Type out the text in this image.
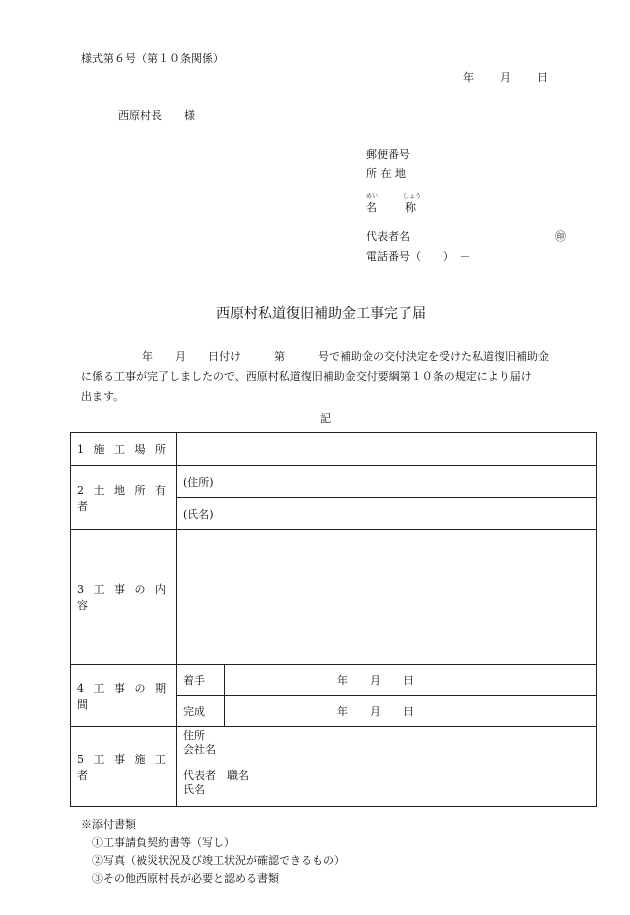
様式第６号（第１０条関係）
年 月 日
西原村長　　様
郵便番号
所 在 地
めい	しょう
名	称
代表者名	㊞
電話番号（　　）　－
西原村私道復旧補助金工事完了届
年　　月　　日付け　　　第　　　号で補助金の交付決定を受けた私道復旧補助金
に係る工事が完了しましたので、西原村私道復旧補助金交付要綱第１０条の規定により届け
出ます。
記
1 施 工 場 所		
2 土 地 所 有 者	(住所)	
	(氏名)	
3 工 事 の 内 容		
4 工 事 の 期 間	着手	年　　月　　日
	完成	年　　月　　日
5 工 事 施 工 者	住所
会社名
代表者　職名
氏名	
※添付書類
①工事請負契約書等（写し）
②写真（被災状況及び竣工状況が確認できるもの）
③その他西原村長が必要と認める書類
